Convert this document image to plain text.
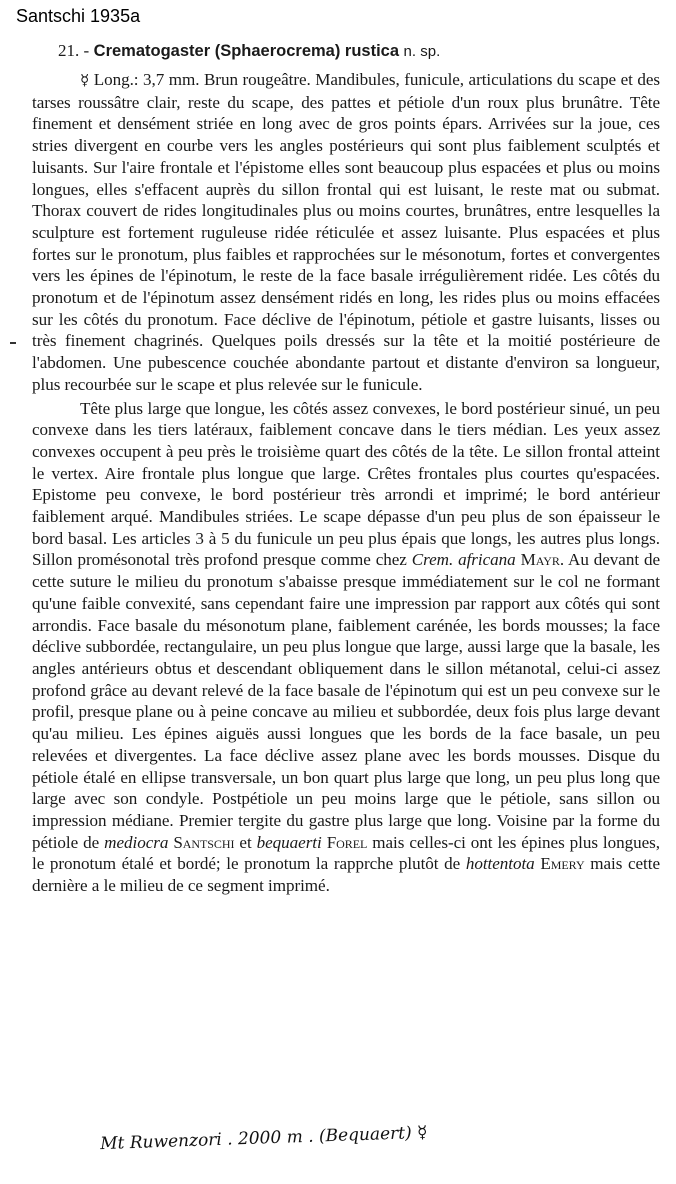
Santschi 1935a
21. - Crematogaster (Sphaerocrema) rustica n. sp.

☿ Long.: 3,7 mm. Brun rougeâtre. Mandibules, funicule, articulations du scape et des tarses roussâtre clair, reste du scape, des pattes et pétiole d'un roux plus brunâtre. Tête finement et densément striée en long avec de gros points épars. Arrivées sur la joue, ces stries divergent en courbe vers les angles postérieurs qui sont plus faiblement sculptés et luisants. Sur l'aire frontale et l'épistome elles sont beaucoup plus espacées et plus ou moins longues, elles s'effacent auprès du sillon frontal qui est luisant, le reste mat ou submat. Thorax couvert de rides longitudinales plus ou moins courtes, brunâtres, entre lesquelles la sculpture est fortement ruguleuse ridée réticulée et assez luisante. Plus espacées et plus fortes sur le pronotum, plus faibles et rapprochées sur le mésonotum, fortes et convergentes vers les épines de l'épinotum, le reste de la face basale irrégulièrement ridée. Les côtés du pronotum et de l'épinotum assez densément ridés en long, les rides plus ou moins effacées sur les côtés du pronotum. Face déclive de l'épinotum, pétiole et gastre luisants, lisses ou très finement chagrinés. Quelques poils dressés sur la tête et la moitié postérieure de l'abdomen. Une pubescence couchée abondante partout et distante d'environ sa longueur, plus recourbée sur le scape et plus relevée sur le funicule.

Tête plus large que longue, les côtés assez convexes, le bord postérieur sinué, un peu convexe dans les tiers latéraux, faiblement concave dans le tiers médian. Les yeux assez convexes occupent à peu près le troisième quart des côtés de la tête. Le sillon frontal atteint le vertex. Aire frontale plus longue que large. Crêtes frontales plus courtes qu'espacées. Epistome peu convexe, le bord postérieur très arrondi et imprimé; le bord antérieur faiblement arqué. Mandibules striées. Le scape dépasse d'un peu plus de son épaisseur le bord basal. Les articles 3 à 5 du funicule un peu plus épais que longs, les autres plus longs. Sillon promésonotal très profond presque comme chez Crem. africana Mayr. Au devant de cette suture le milieu du pronotum s'abaisse presque immédiatement sur le col ne formant qu'une faible convexité, sans cependant faire une impression par rapport aux côtés qui sont arrondis. Face basale du mésonotum plane, faiblement carénée, les bords mousses; la face déclive subbordée, rectangulaire, un peu plus longue que large, aussi large que la basale, les angles antérieurs obtus et descendant obliquement dans le sillon métanotal, celui-ci assez profond grâce au devant relevé de la face basale de l'épinotum qui est un peu convexe sur le profil, presque plane ou à peine concave au milieu et subbordée, deux fois plus large devant qu'au milieu. Les épines aiguës aussi longues que les bords de la face basale, un peu relevées et divergentes. La face déclive assez plane avec les bords mousses. Disque du pétiole étalé en ellipse transversale, un bon quart plus large que long, un peu plus long que large avec son condyle. Postpétiole un peu moins large que le pétiole, sans sillon ou impression médiane. Premier tergite du gastre plus large que long. Voisine par la forme du pétiole de mediocra Santschi et bequaerti Forel mais celles-ci ont les épines plus longues, le pronotum étalé et bordé; le pronotum la rapprche plutôt de hottentota Emery mais cette dernière a le milieu de ce segment imprimé.

Mt Ruwenzori . 2000 m . (Bequaert) ☿
